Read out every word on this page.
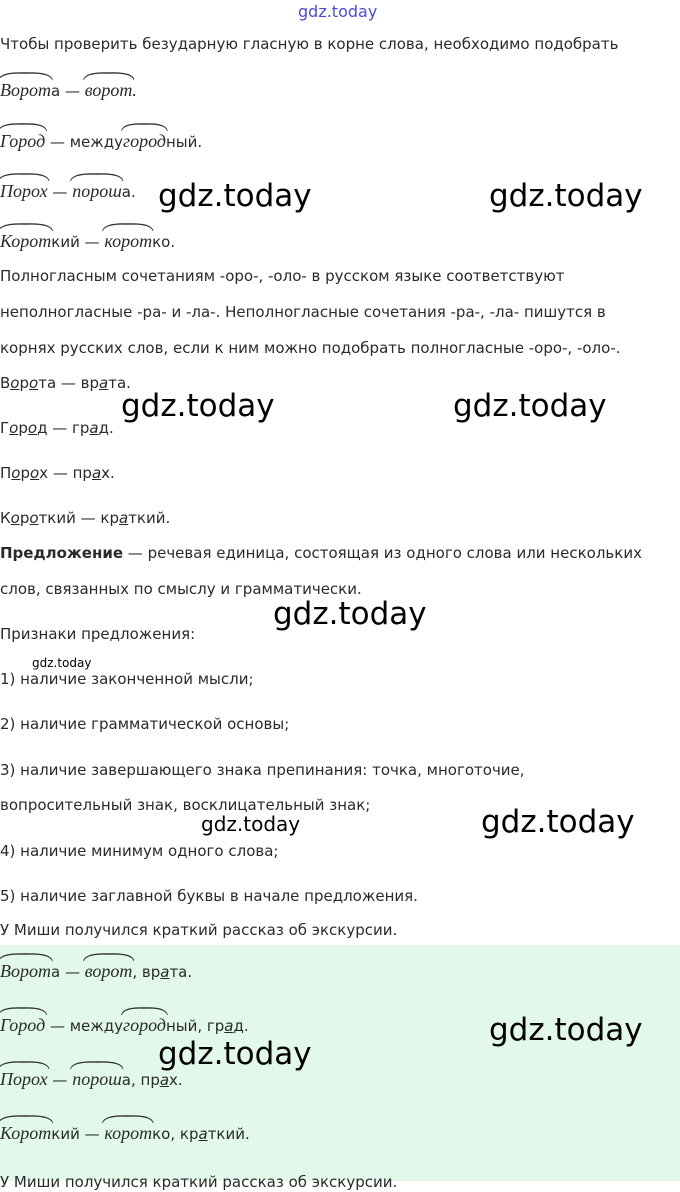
gdz.today
Чтобы проверить безударную гласную в корне слова, необходимо подобрать
Ворота —
ворот.
Город — между
городный.
Порох —
пороша.
Короткий —
коротко.
Полногласным сочетаниям -оро-, -оло- в русском языке соответствуют
неполногласные -ра- и -ла-. Неполногласные сочетания -ра-, -ла- пишутся в
корнях русских слов, если к ним можно подобрать полногласные -оро-, -оло-.
Ворота — врата.
Город — град.
Порох — прах.
Короткий — краткий.
Предложение — речевая единица, состоящая из одного слова или нескольких
слов, связанных по смыслу и грамматически.
Признаки предложения:
1) наличие законченной мысли;
2) наличие грамматической основы;
3) наличие завершающего знака препинания: точка, многоточие,
вопросительный знак, восклицательный знак;
4) наличие минимум одного слова;
5) наличие заглавной буквы в начале предложения.
У Миши получился краткий рассказ об экскурсии.
Ворота —
ворот, врата.
Город — между
городный, град.
Порох —
пороша, прах.
Короткий —
коротко, краткий.
У Миши получился краткий рассказ об экскурсии.
gdz.today	gdz.today
gdz.today	gdz.today
gdz.today
gdz.today
gdz.today	gdz.today
gdz.today
gdz.today
